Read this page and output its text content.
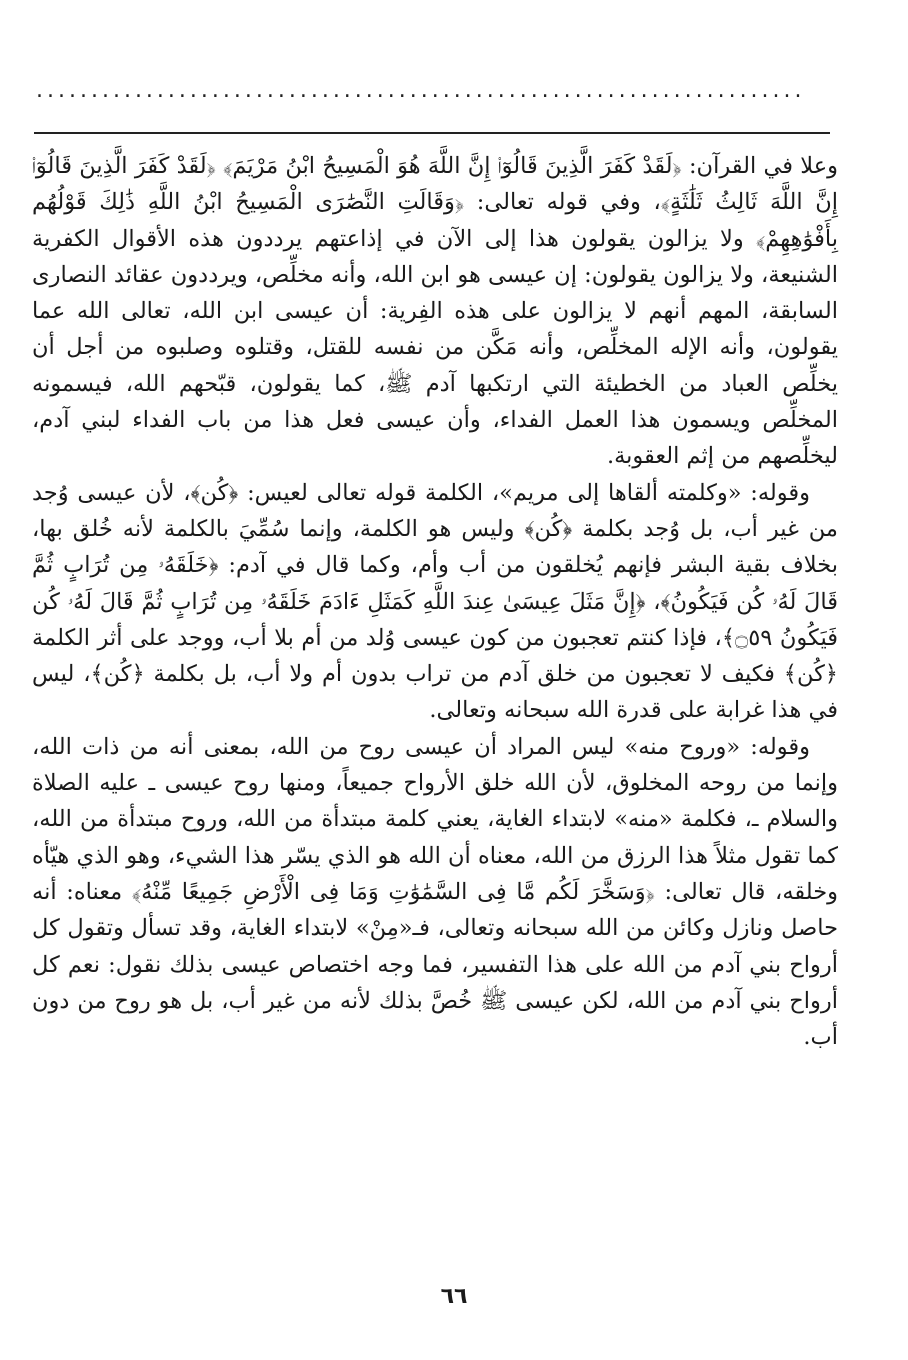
......................................................................

وعلا في القرآن: ﴿لَقَدْ كَفَرَ الَّذِينَ قَالُوٓا۟ إِنَّ اللَّهَ هُوَ الْمَسِيحُ ابْنُ مَرْيَمَ﴾ ﴿لَقَدْ كَفَرَ الَّذِينَ قَالُوٓا۟ إِنَّ اللَّهَ ثَالِثُ ثَلَٰثَةٍ﴾، وفي قوله تعالى: ﴿وَقَالَتِ النَّصَٰرَى الْمَسِيحُ ابْنُ اللَّهِ ذَٰلِكَ قَوْلُهُم بِأَفْوَٰهِهِمْ﴾ ولا يزالون يقولون هذا إلى الآن في إذاعتهم يرددون هذه الأقوال الكفرية الشنيعة، ولا يزالون يقولون: إن عيسى هو ابن الله، وأنه مخلِّص، ويرددون عقائد النصارى السابقة، المهم أنهم لا يزالون على هذه الفِرية: أن عيسى ابن الله، تعالى الله عما يقولون، وأنه الإله المخلِّص، وأنه مَكَّن من نفسه للقتل، وقتلوه وصلبوه من أجل أن يخلِّص العباد من الخطيئة التي ارتكبها آدم ﷺ، كما يقولون، قبّحهم الله، فيسمونه المخلِّص ويسمون هذا العمل الفداء، وأن عيسى فعل هذا من باب الفداء لبني آدم، ليخلِّصهم من إثم العقوبة.

وقوله: «وكلمته ألقاها إلى مريم»، الكلمة قوله تعالى لعيس: ﴿كُن﴾، لأن عيسى وُجد من غير أب، بل وُجد بكلمة ﴿كُن﴾ وليس هو الكلمة، وإنما سُمِّيَ بالكلمة لأنه خُلق بها، بخلاف بقية البشر فإنهم يُخلقون من أب وأم، وكما قال في آدم: ﴿خَلَقَهُۥ مِن تُرَابٍ ثُمَّ قَالَ لَهُۥ كُن فَيَكُونُ﴾، ﴿إِنَّ مَثَلَ عِيسَىٰ عِندَ اللَّهِ كَمَثَلِ ءَادَمَ خَلَقَهُۥ مِن تُرَابٍ ثُمَّ قَالَ لَهُۥ كُن فَيَكُونُ ۝٥٩﴾، فإذا كنتم تعجبون من كون عيسى وُلد من أم بلا أب، ووجد على أثر الكلمة ﴿كُن﴾ فكيف لا تعجبون من خلق آدم من تراب بدون أم ولا أب، بل بكلمة ﴿كُن﴾، ليس في هذا غرابة على قدرة الله سبحانه وتعالى.

وقوله: «وروح منه» ليس المراد أن عيسى روح من الله، بمعنى أنه من ذات الله، وإنما من روحه المخلوق، لأن الله خلق الأرواح جميعاً، ومنها روح عيسى ـ عليه الصلاة والسلام ـ، فكلمة «منه» لابتداء الغاية، يعني كلمة مبتدأة من الله، وروح مبتدأة من الله، كما تقول مثلاً هذا الرزق من الله، معناه أن الله هو الذي يسّر هذا الشيء، وهو الذي هيّأه وخلقه، قال تعالى: ﴿وَسَخَّرَ لَكُم مَّا فِى السَّمَٰوَٰتِ وَمَا فِى الْأَرْضِ جَمِيعًا مِّنْهُ﴾ معناه: أنه حاصل ونازل وكائن من الله سبحانه وتعالى، فـ«مِنْ» لابتداء الغاية، وقد تسأل وتقول كل أرواح بني آدم من الله على هذا التفسير، فما وجه اختصاص عيسى بذلك نقول: نعم كل أرواح بني آدم من الله، لكن عيسى ﷺ خُصَّ بذلك لأنه من غير أب، بل هو روح من دون أب.

٦٦
